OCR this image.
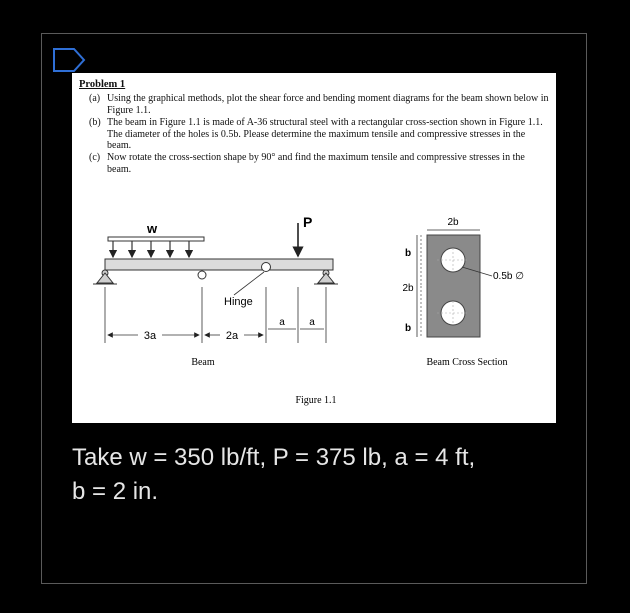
Problem 1
(a) Using the graphical methods, plot the shear force and bending moment diagrams for the beam shown below in Figure 1.1.
(b) The beam in Figure 1.1 is made of A-36 structural steel with a rectangular cross-section shown in Figure 1.1. The diameter of the holes is 0.5b. Please determine the maximum tensile and compressive stresses in the beam.
(c) Now rotate the cross-section shape by 90° and find the maximum tensile and compressive stresses in the beam.
w	P
Hinge
3a	2a
a a
Beam
2b
b
2b
b
0.5b ∅
Beam Cross Section
Figure 1.1
Take w = 350 lb/ft, P = 375 lb, a = 4 ft,
b = 2 in.
